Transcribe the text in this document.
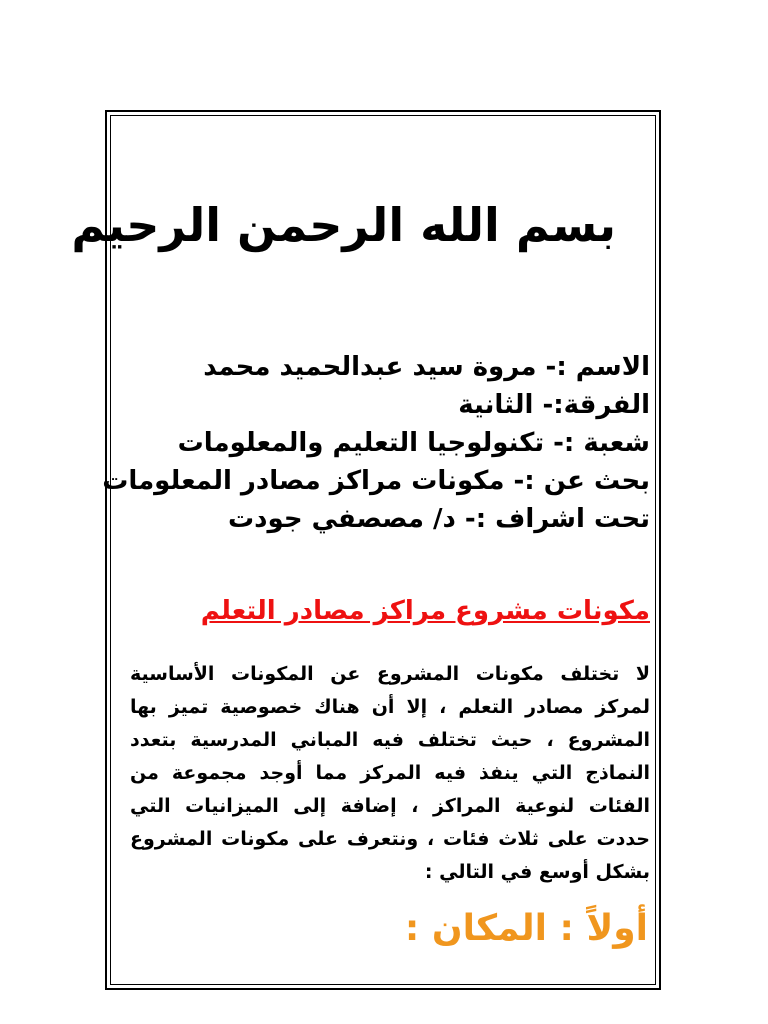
بسم الله الرحمن الرحيم
الاسم :- مروة سيد عبدالحميد محمد
الفرقة:- الثانية
شعبة :- تكنولوجيا التعليم والمعلومات
بحث عن :- مكونات مراكز مصادر المعلومات
تحت اشراف :- د/ مصصفي جودت
مكونات مشروع مراكز مصادر التعلم
لا تختلف مكونات المشروع عن المكونات الأساسية لمركز مصادر التعلم ، إلا أن هناك خصوصية تميز بها المشروع ، حيث تختلف فيه المباني المدرسية بتعدد النماذج التي ينفذ فيه المركز مما أوجد مجموعة من الفئات لنوعية المراكز ، إضافة إلى الميزانيات التي حددت على ثلاث فئات ، ونتعرف على مكونات المشروع بشكل أوسع في التالي :
أولاً : المكان :
